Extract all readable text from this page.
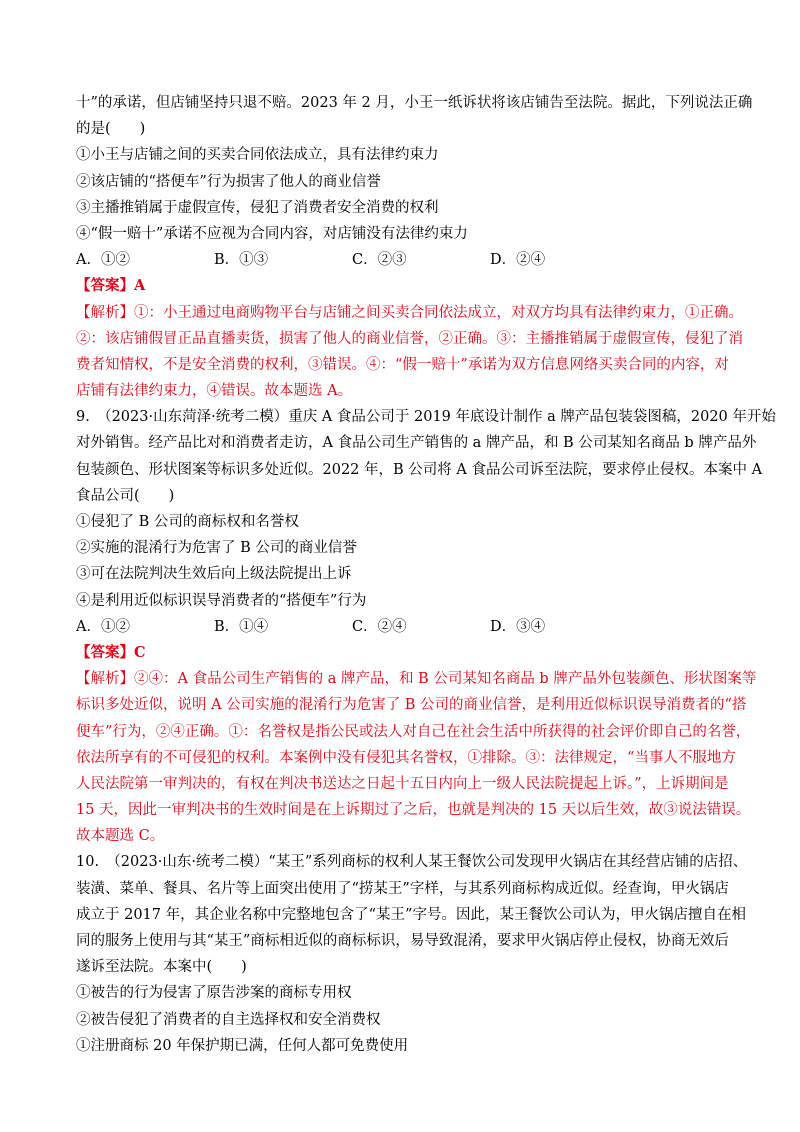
十”的承诺，但店铺坚持只退不赔。2023 年 2 月，小王一纸诉状将该店铺告至法院。据此，下列说法正确
的是(　　)
①小王与店铺之间的买卖合同依法成立，具有法律约束力
②该店铺的“搭便车”行为损害了他人的商业信誉
③主播推销属于虚假宣传，侵犯了消费者安全消费的权利
④“假一赔十”承诺不应视为合同内容，对店铺没有法律约束力
A．①②	B．①③	C．②③	D．②④
【答案】A
【解析】①：小王通过电商购物平台与店铺之间买卖合同依法成立，对双方均具有法律约束力，①正确。
②：该店铺假冒正品直播卖货，损害了他人的商业信誉，②正确。③：主播推销属于虚假宣传，侵犯了消
费者知情权，不是安全消费的权利，③错误。④：“假一赔十”承诺为双方信息网络买卖合同的内容，对
店铺有法律约束力，④错误。故本题选 A。
9.　（2023·山东菏泽·统考二模）重庆 A 食品公司于 2019 年底设计制作 a 牌产品包装袋图稿，2020 年开始
对外销售。经产品比对和消费者走访，A 食品公司生产销售的 a 牌产品，和 B 公司某知名商品 b 牌产品外
包装颜色、形状图案等标识多处近似。2022 年，B 公司将 A 食品公司诉至法院，要求停止侵权。本案中 A
食品公司(　　)
①侵犯了 B 公司的商标权和名誉权
②实施的混淆行为危害了 B 公司的商业信誉
③可在法院判决生效后向上级法院提出上诉
④是利用近似标识误导消费者的“搭便车”行为
A．①②	B．①④	C．②④	D．③④
【答案】C
【解析】②④：A 食品公司生产销售的 a 牌产品，和 B 公司某知名商品 b 牌产品外包装颜色、形状图案等
标识多处近似，说明 A 公司实施的混淆行为危害了 B 公司的商业信誉，是利用近似标识误导消费者的“搭
便车”行为，②④正确。①：名誉权是指公民或法人对自己在社会生活中所获得的社会评价即自己的名誉，
依法所享有的不可侵犯的权利。本案例中没有侵犯其名誉权，①排除。③：法律规定，“当事人不服地方
人民法院第一审判决的，有权在判决书送达之日起十五日内向上一级人民法院提起上诉。”，上诉期间是
15 天，因此一审判决书的生效时间是在上诉期过了之后，也就是判决的 15 天以后生效，故③说法错误。
故本题选 C。
10.　（2023·山东·统考二模）“某王”系列商标的权利人某王餐饮公司发现甲火锅店在其经营店铺的店招、
装潢、菜单、餐具、名片等上面突出使用了“捞某王”字样，与其系列商标构成近似。经查询，甲火锅店
成立于 2017 年，其企业名称中完整地包含了“某王”字号。因此，某王餐饮公司认为，甲火锅店擅自在相
同的服务上使用与其“某王”商标相近似的商标标识，易导致混淆，要求甲火锅店停止侵权，协商无效后
遂诉至法院。本案中(　　)
①被告的行为侵害了原告涉案的商标专用权
②被告侵犯了消费者的自主选择权和安全消费权
①注册商标 20 年保护期已满，任何人都可免费使用
